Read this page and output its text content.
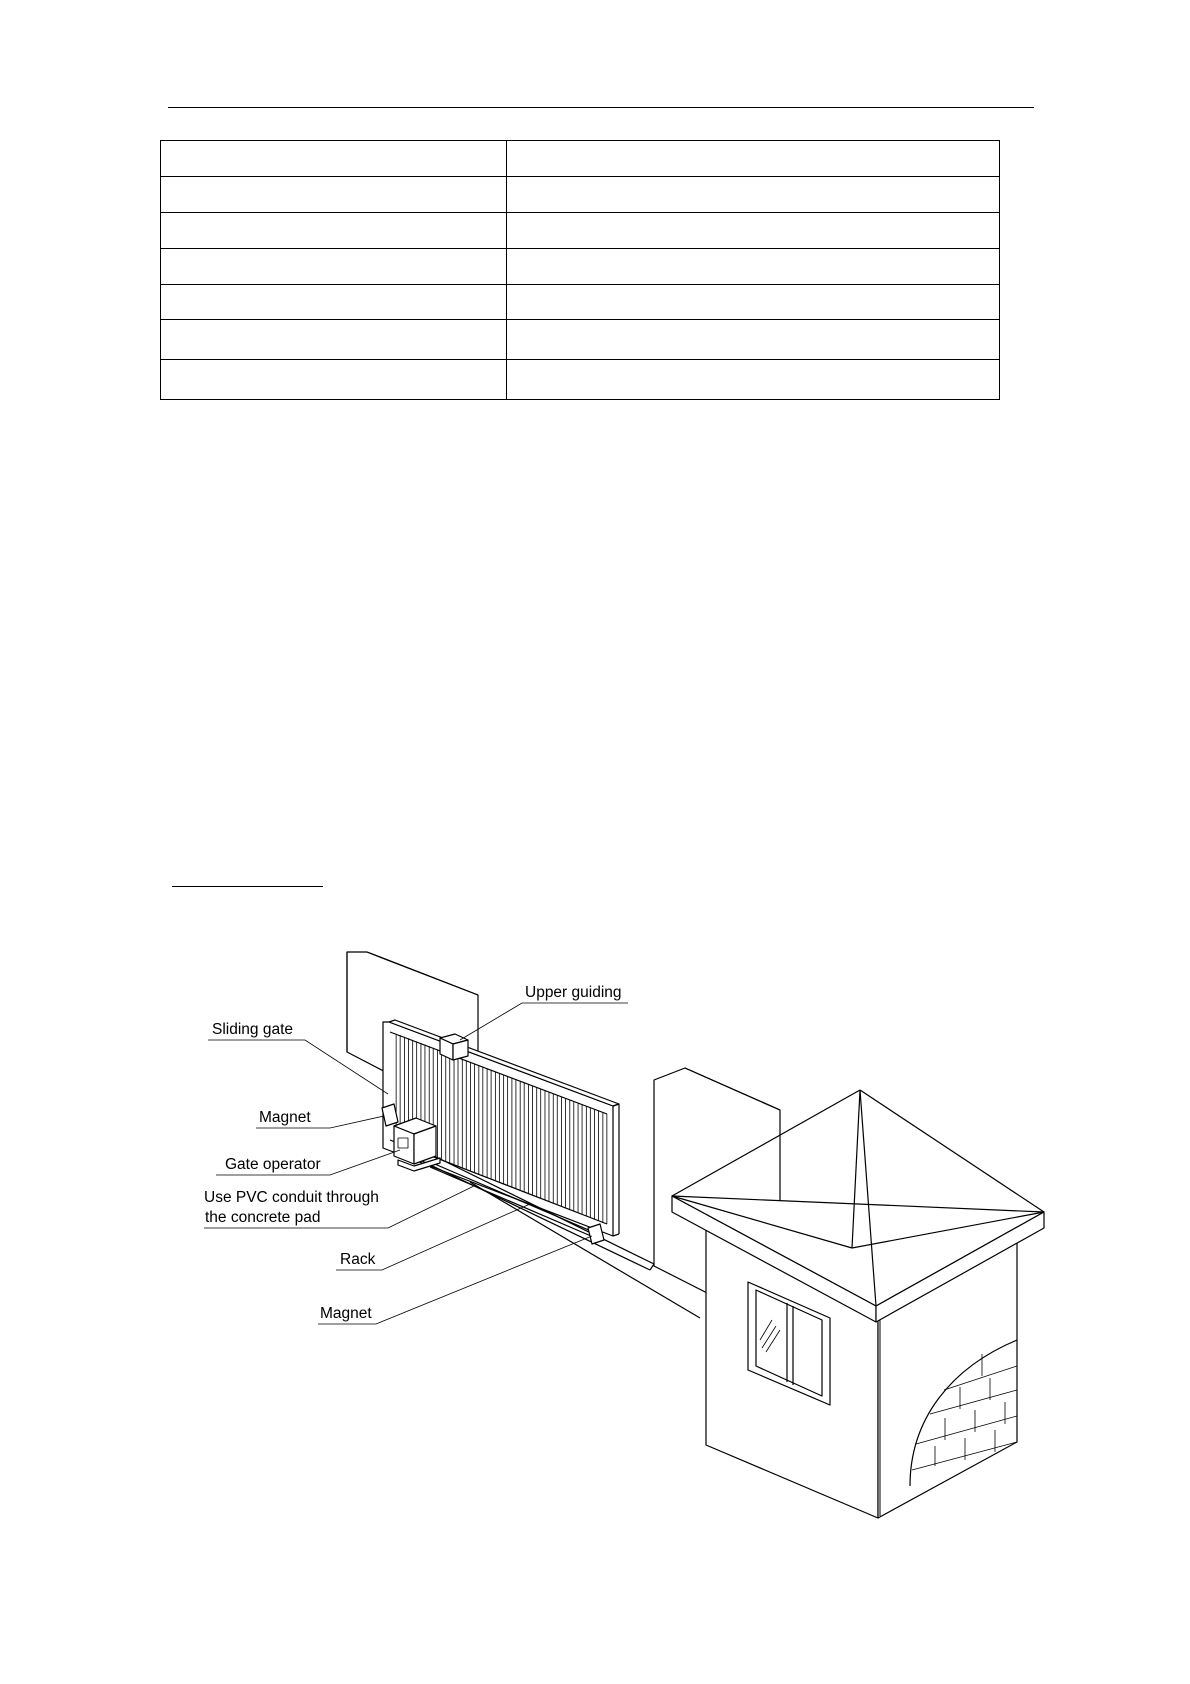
Upper guiding
Sliding gate
Magnet
Gate operator
Use PVC conduit through
the concrete pad
Rack
Magnet
